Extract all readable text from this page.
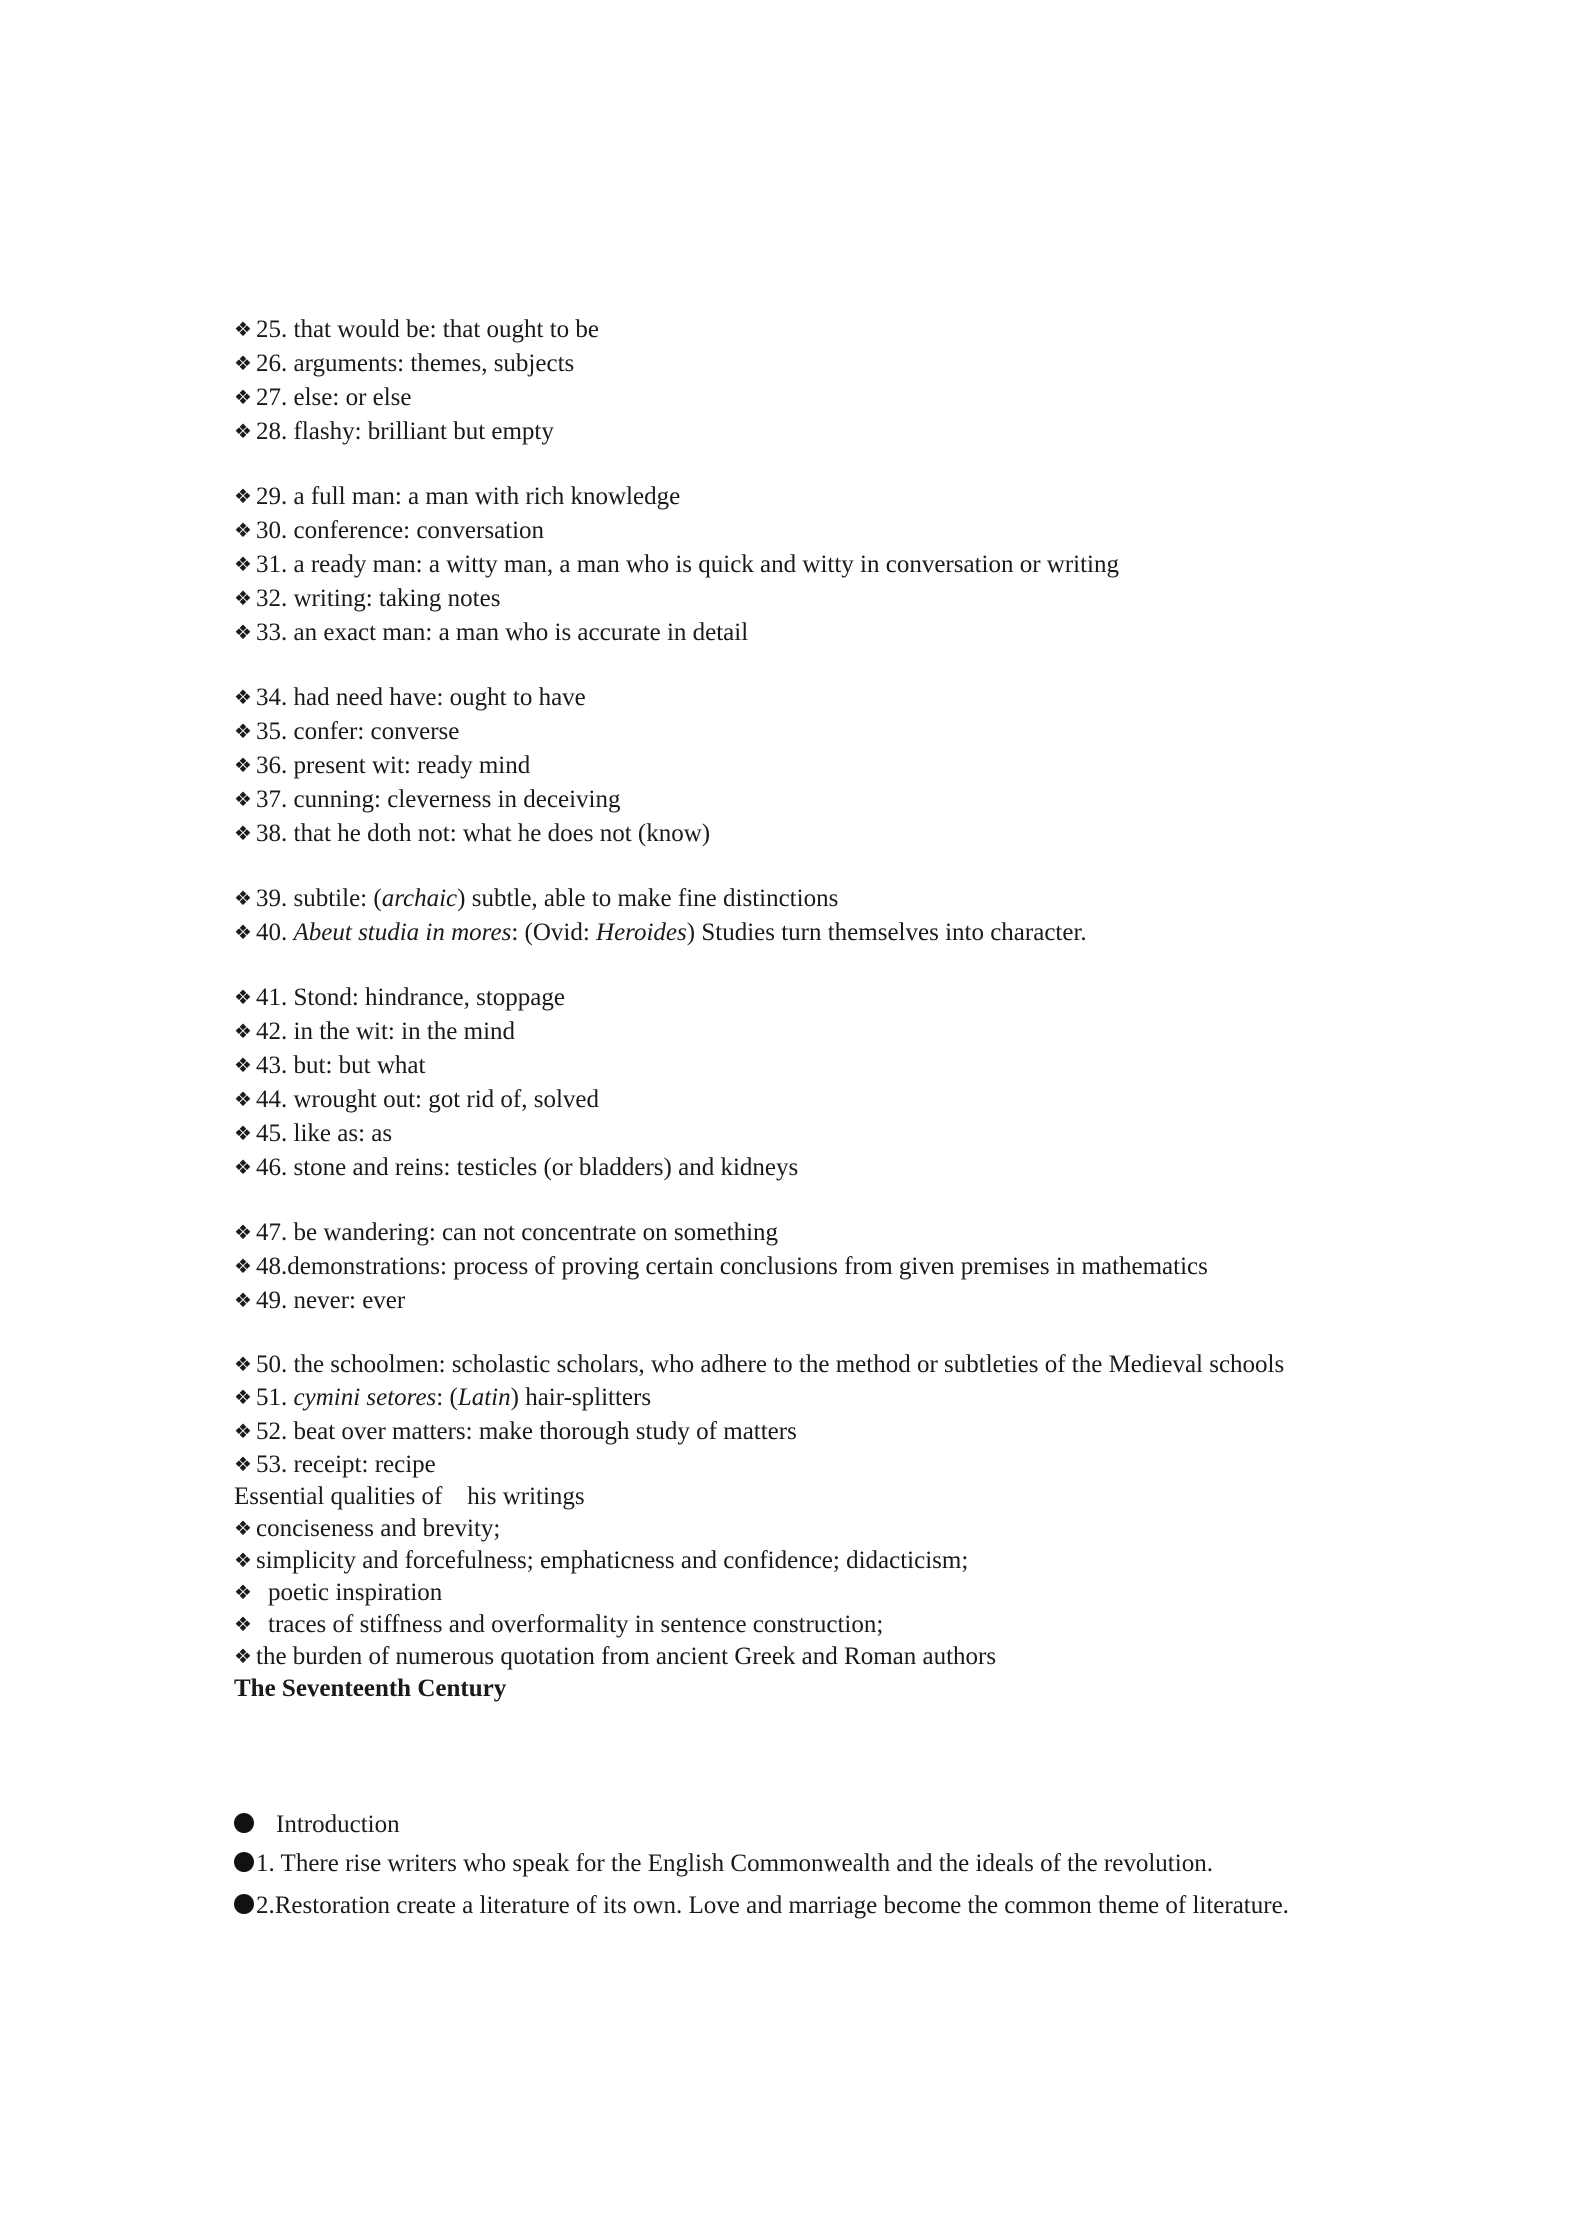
❖ 25. that would be: that ought to be
❖ 26. arguments: themes, subjects
❖ 27. else: or else
❖ 28. flashy: brilliant but empty
❖ 29. a full man: a man with rich knowledge
❖ 30. conference: conversation
❖ 31. a ready man: a witty man, a man who is quick and witty in conversation or writing
❖ 32. writing: taking notes
❖ 33. an exact man: a man who is accurate in detail
❖ 34. had need have: ought to have
❖ 35. confer: converse
❖ 36. present wit: ready mind
❖ 37. cunning: cleverness in deceiving
❖ 38. that he doth not: what he does not (know)
❖ 39. subtile: (archaic) subtle, able to make fine distinctions
❖ 40. Abeut studia in mores: (Ovid: Heroides) Studies turn themselves into character.
❖ 41. Stond: hindrance, stoppage
❖ 42. in the wit: in the mind
❖ 43. but: but what
❖ 44. wrought out: got rid of, solved
❖ 45. like as: as
❖ 46. stone and reins: testicles (or bladders) and kidneys
❖ 47. be wandering: can not concentrate on something
❖ 48.demonstrations: process of proving certain conclusions from given premises in mathematics
❖ 49. never: ever
❖ 50. the schoolmen: scholastic scholars, who adhere to the method or subtleties of the Medieval schools
❖ 51. cymini setores: (Latin) hair-splitters
❖ 52. beat over matters: make thorough study of matters
❖ 53. receipt: recipe
Essential qualities of    his writings
❖ conciseness and brevity;
❖ simplicity and forcefulness; emphaticness and confidence; didacticism;
❖ poetic inspiration
❖ traces of stiffness and overformality in sentence construction;
❖ the burden of numerous quotation from ancient Greek and Roman authors
The Seventeenth Century
Introduction
1. There rise writers who speak for the English Commonwealth and the ideals of the revolution.
2.Restoration create a literature of its own. Love and marriage become the common theme of literature.
